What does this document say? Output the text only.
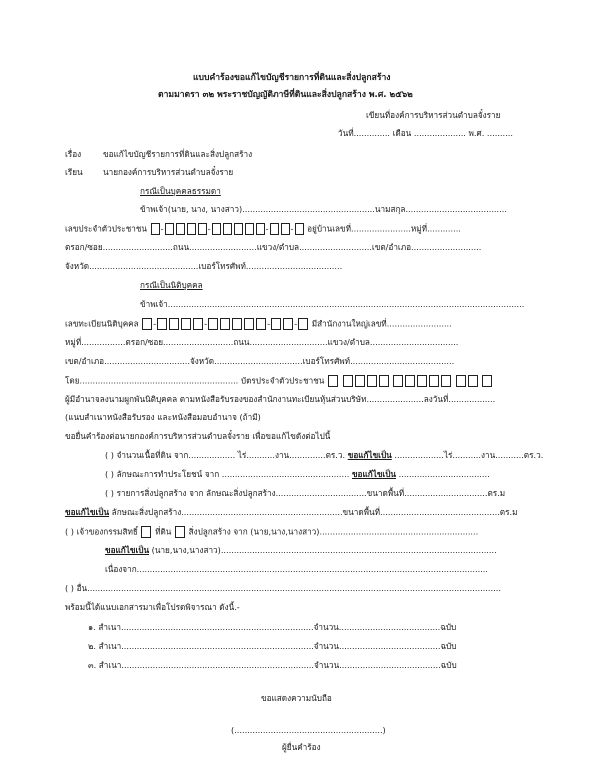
แบบคำร้องขอแก้ไขบัญชีรายการที่ดินและสิ่งปลูกสร้าง
ตามมาตรา ๓๒ พระราชบัญญัติภาษีที่ดินและสิ่งปลูกสร้าง พ.ศ. ๒๕๖๒
เขียนที่องค์การบริหารส่วนตำบลจั๋งราย
วันที่.............. เดือน .................... พ.ศ. ..........
เรื่อง	ขอแก้ไขบัญชีรายการที่ดินและสิ่งปลูกสร้าง
เรียน นายกองค์การบริหารส่วนตำบลจั๋งราย
กรณีเป็นบุคคลธรรมดา
ข้าพเจ้า(นาย, นาง, นางสาว)...................................................นามสกุล.......................................
เลขประจำตัวประชาชน -	-	-	- อยู่บ้านเลขที่.......................หมู่ที่.............
ตรอก/ซอย...........................ถนน..........................แขวง/ตำบล............................เขต/อำเภอ...........................
จังหวัด..........................................เบอร์โทรศัพท์.....................................
กรณีเป็นนิติบุคคล
ข้าพเจ้า.........................................................................................................................................
เลขทะเบียนนิติบุคคล -	-	-	- มีสำนักงานใหญ่เลขที่.........................
หมู่ที่.................ตรอก/ซอย...........................ถนน..............................แขวง/ตำบล..................................
เขต/อำเภอ.................................จังหวัด..................................เบอร์โทรศัพท์........................................
โดย............................................................. บัตรประจำตัวประชาชน
ผู้มีอำนาจลงนามผูกพันนิติบุคคล ตามหนังสือรับรองของสำนักงานทะเบียนหุ้นส่วนบริษัท......................ลงวันที่..................
(แนบสำเนาหนังสือรับรอง และหนังสือมอบอำนาจ (ถ้ามี)
ขอยื่นคำร้องต่อนายกองค์การบริหารส่วนตำบลจั๋งราย เพื่อขอแก้ไขดังต่อไปนี้
( ) จำนวนเนื้อที่ดิน จาก.................. ไร่...........งาน..............ตร.ว. ขอแก้ไขเป็น ...................ไร่...........งาน...........ตร.ว.
( ) ลักษณะการทำประโยชน์ จาก ................................................. ขอแก้ไขเป็น ...................................
( ) รายการสิ่งปลูกสร้าง จาก ลักษณะสิ่งปลูกสร้าง...................................ขนาดพื้นที่................................ตร.ม
ขอแก้ไขเป็น ลักษณะสิ่งปลูกสร้าง..............................................................ขนาดพื้นที่..............................................ตร.ม
( ) เจ้าของกรรมสิทธิ์ ที่ดิน สิ่งปลูกสร้าง จาก (นาย,นาง,นางสาว).............................................................
ขอแก้ไขเป็น (นาย,นาง,นางสาว)..........................................................................................................
เนื่องจาก.......................................................................................................................................
( ) อื่น...............................................................................................................................................................
พร้อมนี้ได้แนบเอกสารมาเพื่อโปรดพิจารณา ดังนี้.-
๑. สำเนา..........................................................................จำนวน.......................................ฉบับ
๒. สำเนา..........................................................................จำนวน.......................................ฉบับ
๓. สำเนา..........................................................................จำนวน.......................................ฉบับ
ขอแสดงความนับถือ
(.........................................................)
ผู้ยื่นคำร้อง
